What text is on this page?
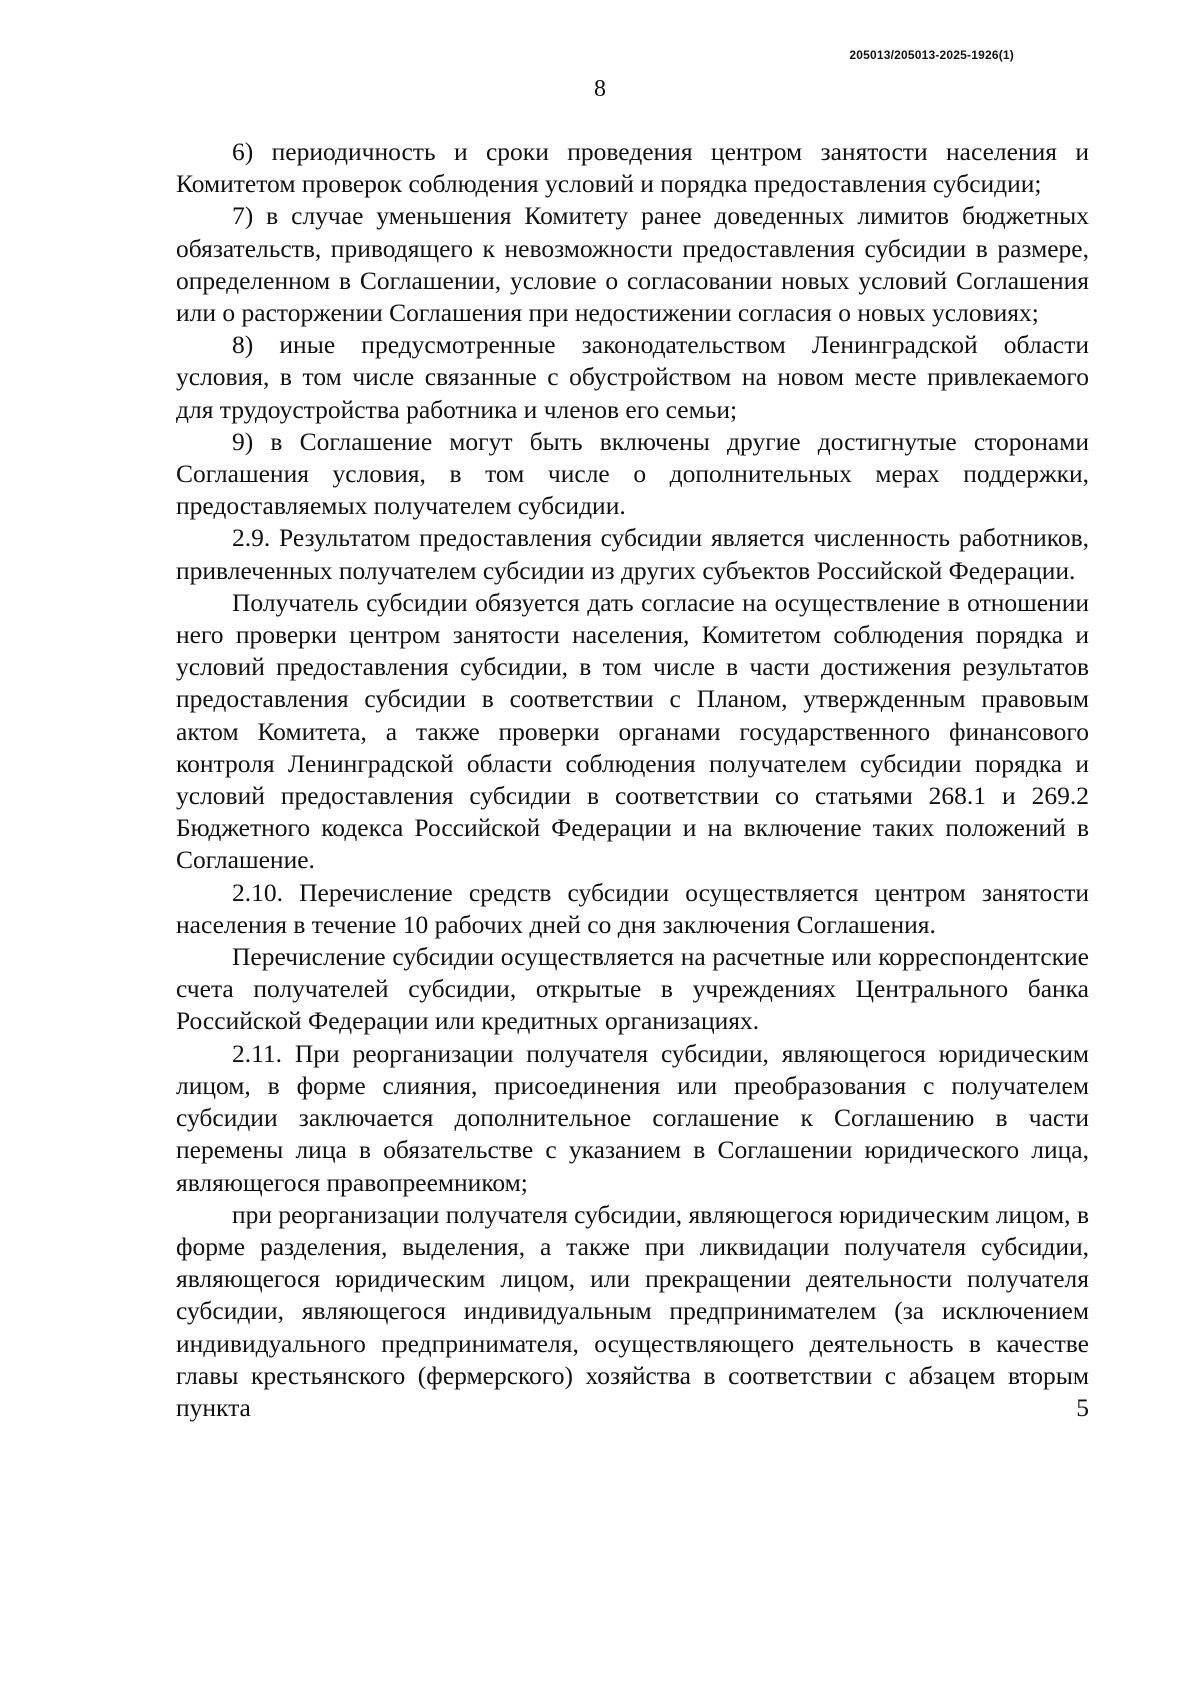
205013/205013-2025-1926(1)
8

6) периодичность и сроки проведения центром занятости населения и Комитетом проверок соблюдения условий и порядка предоставления субсидии;

7) в случае уменьшения Комитету ранее доведенных лимитов бюджетных обязательств, приводящего к невозможности предоставления субсидии в размере, определенном в Соглашении, условие о согласовании новых условий Соглашения или о расторжении Соглашения при недостижении согласия о новых условиях;

8) иные предусмотренные законодательством Ленинградской области условия, в том числе связанные с обустройством на новом месте привлекаемого для трудоустройства работника и членов его семьи;

9) в Соглашение могут быть включены другие достигнутые сторонами Соглашения условия, в том числе о дополнительных мерах поддержки, предоставляемых получателем субсидии.

2.9. Результатом предоставления субсидии является численность работников, привлеченных получателем субсидии из других субъектов Российской Федерации.

Получатель субсидии обязуется дать согласие на осуществление в отношении него проверки центром занятости населения, Комитетом соблюдения порядка и условий предоставления субсидии, в том числе в части достижения результатов предоставления субсидии в соответствии с Планом, утвержденным правовым актом Комитета, а также проверки органами государственного финансового контроля Ленинградской области соблюдения получателем субсидии порядка и условий предоставления субсидии в соответствии со статьями 268.1 и 269.2 Бюджетного кодекса Российской Федерации и на включение таких положений в Соглашение.

2.10. Перечисление средств субсидии осуществляется центром занятости населения в течение 10 рабочих дней со дня заключения Соглашения.

Перечисление субсидии осуществляется на расчетные или корреспондентские счета получателей субсидии, открытые в учреждениях Центрального банка Российской Федерации или кредитных организациях.

2.11. При реорганизации получателя субсидии, являющегося юридическим лицом, в форме слияния, присоединения или преобразования с получателем субсидии заключается дополнительное соглашение к Соглашению в части перемены лица в обязательстве с указанием в Соглашении юридического лица, являющегося правопреемником;

при реорганизации получателя субсидии, являющегося юридическим лицом, в форме разделения, выделения, а также при ликвидации получателя субсидии, являющегося юридическим лицом, или прекращении деятельности получателя субсидии, являющегося индивидуальным предпринимателем (за исключением индивидуального предпринимателя, осуществляющего деятельность в качестве главы крестьянского (фермерского) хозяйства в соответствии с абзацем вторым пункта 5
